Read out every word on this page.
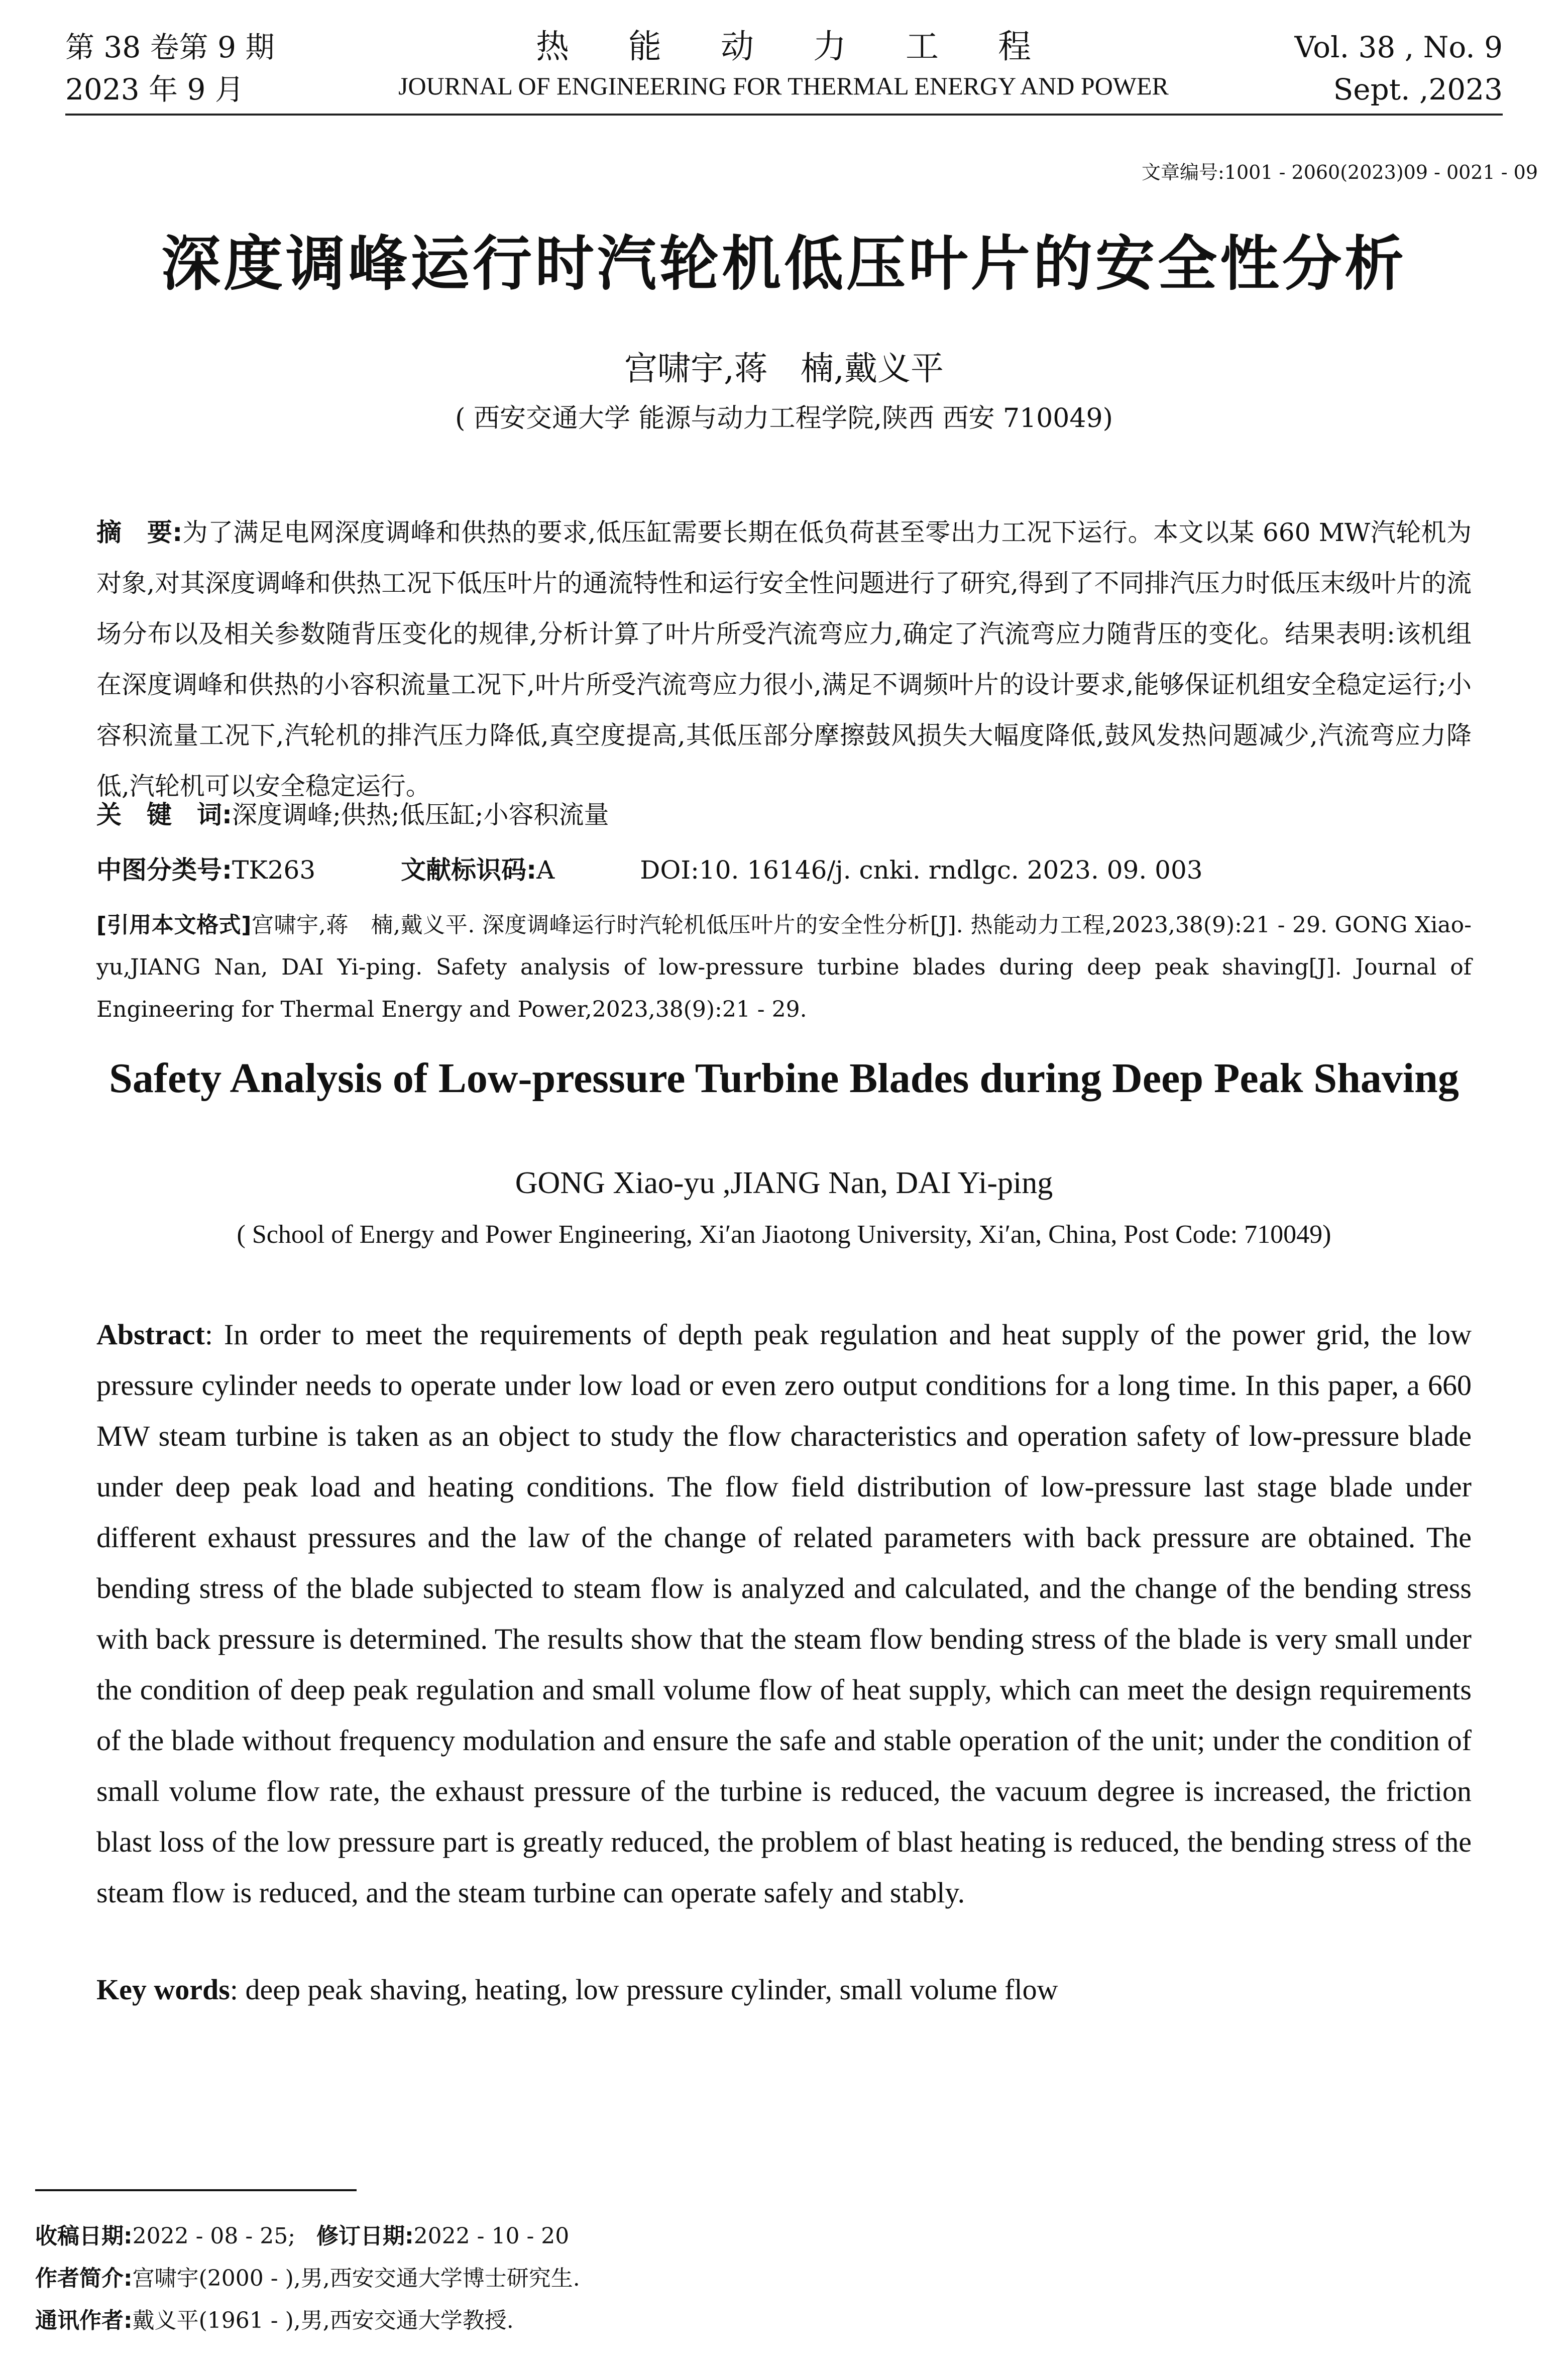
第 38 卷第 9 期
2023 年 9 月
热能动力工程
JOURNAL OF ENGINEERING FOR THERMAL ENERGY AND POWER
Vol. 38 , No. 9
Sept. ,2023
文章编号:1001 - 2060(2023)09 - 0021 - 09
深度调峰运行时汽轮机低压叶片的安全性分析
宫啸宇,蒋　楠,戴义平
( 西安交通大学 能源与动力工程学院,陕西 西安 710049)
摘　要:为了满足电网深度调峰和供热的要求,低压缸需要长期在低负荷甚至零出力工况下运行。本文以某 660 MW汽轮机为对象,对其深度调峰和供热工况下低压叶片的通流特性和运行安全性问题进行了研究,得到了不同排汽压力时低压末级叶片的流场分布以及相关参数随背压变化的规律,分析计算了叶片所受汽流弯应力,确定了汽流弯应力随背压的变化。结果表明:该机组在深度调峰和供热的小容积流量工况下,叶片所受汽流弯应力很小,满足不调频叶片的设计要求,能够保证机组安全稳定运行;小容积流量工况下,汽轮机的排汽压力降低,真空度提高,其低压部分摩擦鼓风损失大幅度降低,鼓风发热问题减少,汽流弯应力降低,汽轮机可以安全稳定运行。
关　键　词:深度调峰;供热;低压缸;小容积流量
中图分类号:TK263	文献标识码:A	DOI:10. 16146/j. cnki. rndlgc. 2023. 09. 003
[引用本文格式]宫啸宇,蒋　楠,戴义平. 深度调峰运行时汽轮机低压叶片的安全性分析[J]. 热能动力工程,2023,38(9):21 - 29. GONG Xiao-yu,JIANG Nan, DAI Yi-ping. Safety analysis of low-pressure turbine blades during deep peak shaving[J]. Journal of Engineering for Thermal Energy and Power,2023,38(9):21 - 29.
Safety Analysis of Low-pressure Turbine Blades during Deep Peak Shaving
GONG Xiao-yu ,JIANG Nan, DAI Yi-ping
( School of Energy and Power Engineering, Xi′an Jiaotong University, Xi′an, China, Post Code: 710049)
Abstract: In order to meet the requirements of depth peak regulation and heat supply of the power grid, the low pressure cylinder needs to operate under low load or even zero output conditions for a long time. In this paper, a 660 MW steam turbine is taken as an object to study the flow characteristics and operation safety of low-pressure blade under deep peak load and heating conditions. The flow field distribution of low-pressure last stage blade under different exhaust pressures and the law of the change of related parameters with back pressure are obtained. The bending stress of the blade subjected to steam flow is analyzed and calculated, and the change of the bending stress with back pressure is determined. The results show that the steam flow bending stress of the blade is very small under the condition of deep peak regulation and small volume flow of heat supply, which can meet the design requirements of the blade without frequency modulation and ensure the safe and stable operation of the unit; under the condition of small volume flow rate, the exhaust pressure of the turbine is reduced, the vacuum degree is increased, the friction blast loss of the low pressure part is greatly reduced, the problem of blast heating is reduced, the bending stress of the steam flow is reduced, and the steam turbine can operate safely and stably.
Key words: deep peak shaving, heating, low pressure cylinder, small volume flow
收稿日期:2022 - 08 - 25; 修订日期:2022 - 10 - 20
作者简介:宫啸宇(2000 - ),男,西安交通大学博士研究生.
通讯作者:戴义平(1961 - ),男,西安交通大学教授.
